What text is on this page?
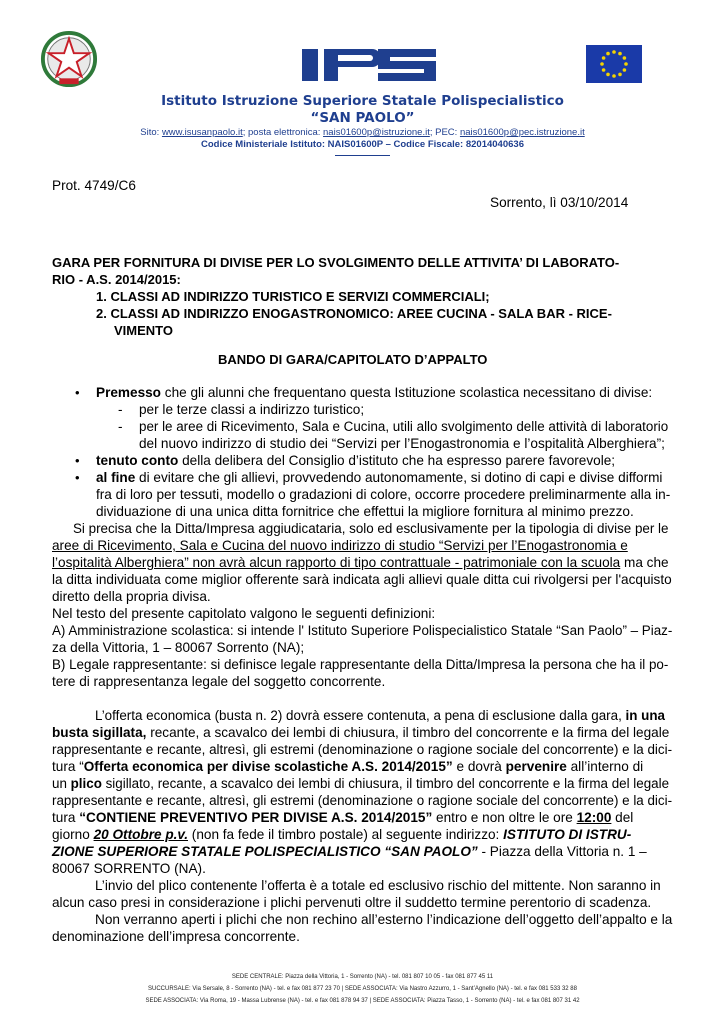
Istituto Istruzione Superiore Statale Polispecialistico
“SAN PAOLO”
Sito: www.isusanpaolo.it; posta elettronica: nais01600p@istruzione.it; PEC: nais01600p@pec.istruzione.it
Codice Ministeriale Istituto: NAIS01600P – Codice Fiscale: 82014040636
Prot. 4749/C6
Sorrento, lì 03/10/2014
GARA PER FORNITURA DI DIVISE PER LO SVOLGIMENTO DELLE ATTIVITA’ DI LABORATO-
RIO - A.S. 2014/2015:
1. CLASSI AD INDIRIZZO TURISTICO E SERVIZI COMMERCIALI;
2. CLASSI AD INDIRIZZO ENOGASTRONOMICO: AREE CUCINA - SALA BAR - RICE-
VIMENTO
BANDO DI GARA/CAPITOLATO D’APPALTO
• Premesso che gli alunni che frequentano questa Istituzione scolastica necessitano di divise:
- per le terze classi a indirizzo turistico;
- per le aree di Ricevimento, Sala e Cucina, utili allo svolgimento delle attività di laboratorio
del nuovo indirizzo di studio dei “Servizi per l’Enogastronomia e l’ospitalità Alberghiera”;
• tenuto conto della delibera del Consiglio d’istituto che ha espresso parere favorevole;
• al fine di evitare che gli allievi, provvedendo autonomamente, si dotino di capi e divise difformi
fra di loro per tessuti, modello o gradazioni di colore, occorre procedere preliminarmente alla in-
dividuazione di una unica ditta fornitrice che effettui la migliore fornitura al minimo prezzo.
Si precisa che la Ditta/Impresa aggiudicataria, solo ed esclusivamente per la tipologia di divise per le
aree di Ricevimento, Sala e Cucina del nuovo indirizzo di studio “Servizi per l’Enogastronomia e
l’ospitalità Alberghiera” non avrà alcun rapporto di tipo contrattuale - patrimoniale con la scuola ma che
la ditta individuata come miglior offerente sarà indicata agli allievi quale ditta cui rivolgersi per l'acquisto
diretto della propria divisa.
Nel testo del presente capitolato valgono le seguenti definizioni:
A) Amministrazione scolastica: si intende l' Istituto Superiore Polispecialistico Statale “San Paolo” – Piaz-
za della Vittoria, 1 – 80067 Sorrento (NA);
B) Legale rappresentante: si definisce legale rappresentante della Ditta/Impresa la persona che ha il po-
tere di rappresentanza legale del soggetto concorrente.
L’offerta economica (busta n. 2) dovrà essere contenuta, a pena di esclusione dalla gara, in una
busta sigillata, recante, a scavalco dei lembi di chiusura, il timbro del concorrente e la firma del legale
rappresentante e recante, altresì, gli estremi (denominazione o ragione sociale del concorrente) e la dici-
tura “Offerta economica per divise scolastiche A.S. 2014/2015” e dovrà pervenire all’interno di
un plico sigillato, recante, a scavalco dei lembi di chiusura, il timbro del concorrente e la firma del legale
rappresentante e recante, altresì, gli estremi (denominazione o ragione sociale del concorrente) e la dici-
tura “CONTIENE PREVENTIVO PER DIVISE A.S. 2014/2015” entro e non oltre le ore 12:00 del
giorno 20 Ottobre p.v. (non fa fede il timbro postale) al seguente indirizzo: ISTITUTO DI ISTRU-
ZIONE SUPERIORE STATALE POLISPECIALISTICO “SAN PAOLO” - Piazza della Vittoria n. 1 –
80067 SORRENTO (NA).
L’invio del plico contenente l’offerta è a totale ed esclusivo rischio del mittente. Non saranno in
alcun caso presi in considerazione i plichi pervenuti oltre il suddetto termine perentorio di scadenza.
Non verranno aperti i plichi che non rechino all’esterno l’indicazione dell’oggetto dell’appalto e la
denominazione dell’impresa concorrente.
SEDE CENTRALE: Piazza della Vittoria, 1 - Sorrento (NA) - tel. 081 807 10 05 - fax 081 877 45 11
SUCCURSALE: Via Sersale, 8 - Sorrento (NA) - tel. e fax 081 877 23 70 | SEDE ASSOCIATA: Via Nastro Azzurro, 1 - Sant’Agnello (NA) - tel. e fax 081 533 32 88
SEDE ASSOCIATA: Via Roma, 19 - Massa Lubrense (NA) - tel. e fax 081 878 94 37 | SEDE ASSOCIATA: Piazza Tasso, 1 - Sorrento (NA) - tel. e fax 081 807 31 42
